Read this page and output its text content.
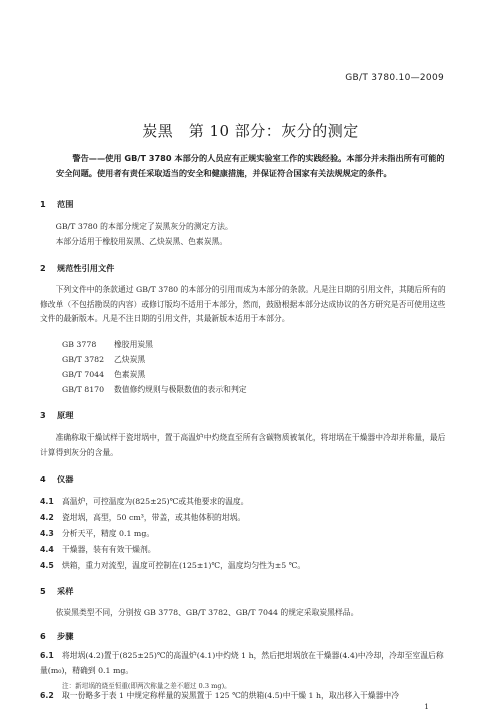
GB/T 3780.10—2009
炭黑　第 10 部分：灰分的测定

警告——使用 GB/T 3780 本部分的人员应有正规实验室工作的实践经验。本部分并未指出所有可能的安全问题。使用者有责任采取适当的安全和健康措施，并保证符合国家有关法规规定的条件。

1 范围

GB/T 3780 的本部分规定了炭黑灰分的测定方法。

本部分适用于橡胶用炭黑、乙炔炭黑、色素炭黑。

2 规范性引用文件

下列文件中的条款通过 GB/T 3780 的本部分的引用而成为本部分的条款。凡是注日期的引用文件，其随后所有的修改单（不包括勘误的内容）或修订版均不适用于本部分，然而，鼓励根据本部分达成协议的各方研究是否可使用这些文件的最新版本。凡是不注日期的引用文件，其最新版本适用于本部分。

GB 3778 橡胶用炭黑
GB/T 3782 乙炔炭黑
GB/T 7044 色素炭黑
GB/T 8170 数值修约规则与极限数值的表示和判定
3 原理

准确称取干燥试样于瓷坩埚中，置于高温炉中灼烧直至所有含碳物质被氧化，将坩埚在干燥器中冷却并称量，最后计算得到灰分的含量。

4 仪器
4.1 高温炉，可控温度为(825±25)℃或其他要求的温度。
4.2 瓷坩埚，高型，50 cm³，带盖，或其他体积的坩埚。
4.3 分析天平，精度 0.1 mg。
4.4 干燥器，装有有效干燥剂。
4.5 烘箱，重力对流型，温度可控制在(125±1)℃，温度均匀性为±5 ℃。
5 采样

依炭黑类型不同，分别按 GB 3778、GB/T 3782、GB/T 7044 的规定采取炭黑样品。

6 步骤

6.1 将坩埚(4.2)置于(825±25)℃的高温炉(4.1)中灼烧 1 h，然后把坩埚放在干燥器(4.4)中冷却，冷却至室温后称量(m₀)，精确到 0.1 mg。

注：新坩埚的烧至恒重(即两次称量之差不超过 0.3 mg)。

6.2 取一份略多于表 1 中规定称样量的炭黑置于 125 ℃的烘箱(4.5)中干燥 1 h，取出移入干燥器中冷

1
